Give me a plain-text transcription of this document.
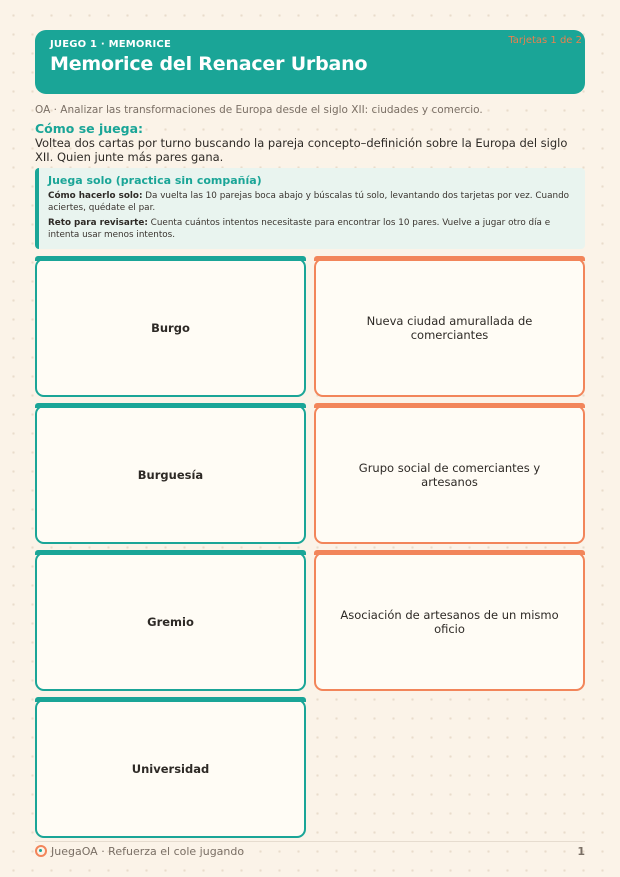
JUEGO 1 · MEMORICE
Memorice del Renacer Urbano
Tarjetas 1 de 2
OA · Analizar las transformaciones de Europa desde el siglo XII: ciudades y comercio.
Cómo se juega:
Voltea dos cartas por turno buscando la pareja concepto–definición sobre la Europa del siglo XII. Quien junte más pares gana.
Juega solo (practica sin compañía)

Cómo hacerlo solo: Da vuelta las 10 parejas boca abajo y búscalas tú solo, levantando dos tarjetas por vez. Cuando aciertes, quédate el par.

Reto para revisarte: Cuenta cuántos intentos necesitaste para encontrar los 10 pares. Vuelve a jugar otro día e intenta usar menos intentos.

Burgo	Nueva ciudad amurallada de comerciantes
Burguesía	Grupo social de comerciantes y artesanos
Gremio	Asociación de artesanos de un mismo oficio
Universidad
JuegaOA · Refuerza el cole jugando	1
